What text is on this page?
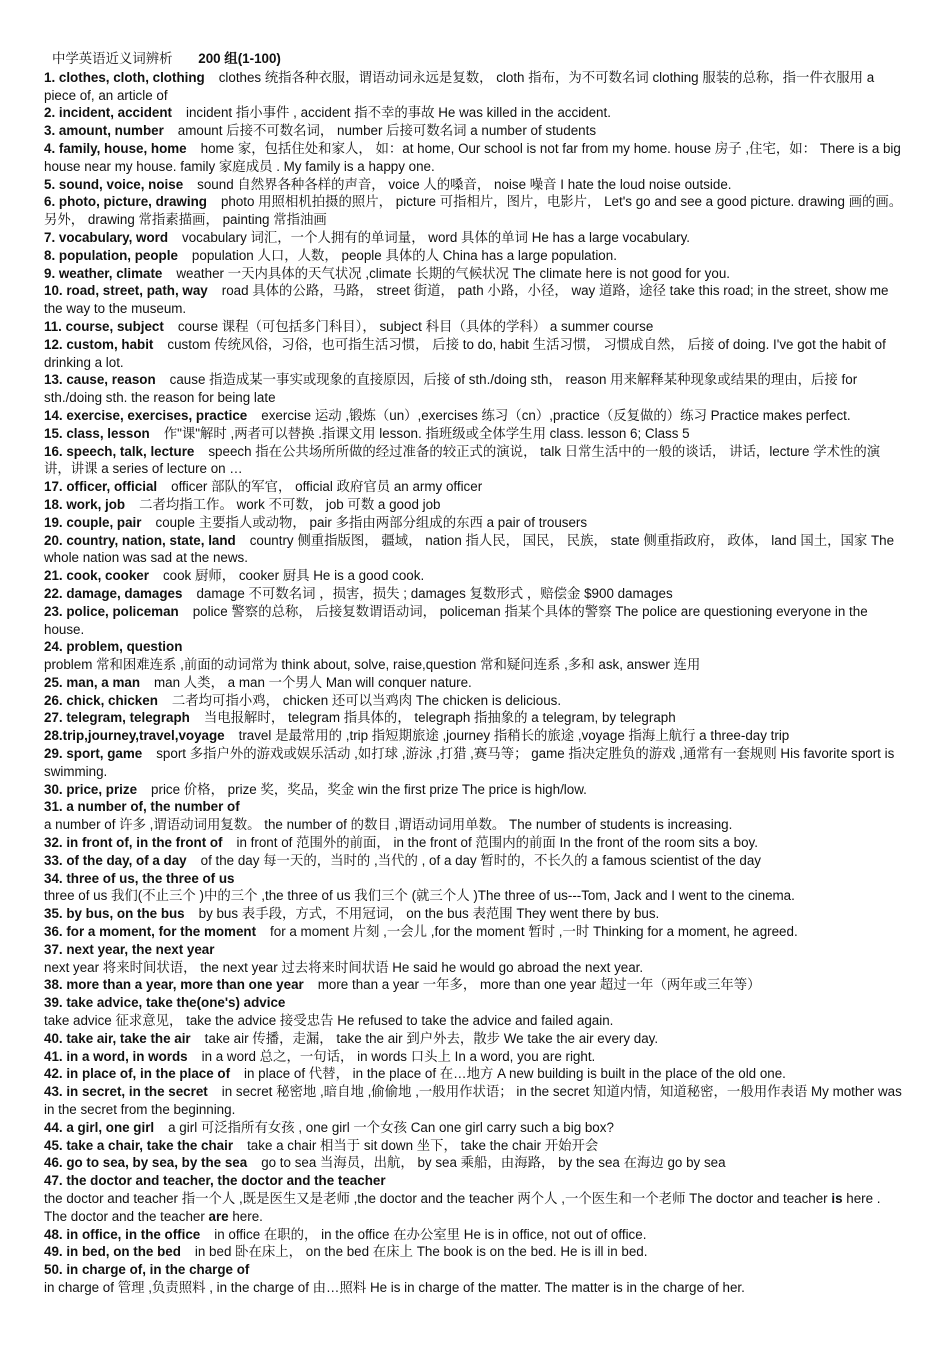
中学英语近义词辨析 200 组(1-100)
1. clothes, cloth, clothing clothes 统指各种衣服，谓语动词永远是复数， cloth 指布，为不可数名词 clothing 服装的总称，指一件衣服用 a piece of, an article of
2. incident, accident incident 指小事件 , accident 指不幸的事故 He was killed in the accident.
3. amount, number amount 后接不可数名词， number 后接可数名词 a number of students
4. family, house, home home 家，包括住处和家人， 如：at home, Our school is not far from my home. house 房子 ,住宅，如： There is a big house near my house. family 家庭成员 . My family is a happy one.
5. sound, voice, noise sound 自然界各种各样的声音， voice 人的嗓音， noise 噪音 I hate the loud noise outside.
6. photo, picture, drawing photo 用照相机拍摄的照片， picture 可指相片，图片，电影片， Let's go and see a good picture. drawing 画的画。另外， drawing 常指素描画， painting 常指油画
7. vocabulary, word vocabulary 词汇，一个人拥有的单词量， word 具体的单词 He has a large vocabulary.
8. population, people population 人口，人数， people 具体的人 China has a large population.
9. weather, climate weather 一天内具体的天气状况 ,climate 长期的气候状况 The climate here is not good for you.
10. road, street, path, way road 具体的公路，马路， street 街道， path 小路，小径， way 道路，途径 take this road; in the street, show me the way to the museum.
11. course, subject course 课程（可包括多门科目）， subject 科目（具体的学科） a summer course
12. custom, habit custom 传统风俗，习俗，也可指生活习惯， 后接 to do, habit 生活习惯， 习惯成自然， 后接 of doing. I've got the habit of drinking a lot.
13. cause, reason cause 指造成某一事实或现象的直接原因，后接 of sth./doing sth， reason 用来解释某种现象或结果的理由，后接 for sth./doing sth. the reason for being late
14. exercise, exercises, practice exercise 运动 ,锻炼（un）,exercises 练习（cn）,practice（反复做的）练习 Practice makes perfect.
15. class, lesson 作"课"解时 ,两者可以替换 .指课文用 lesson. 指班级或全体学生用 class. lesson 6; Class 5
16. speech, talk, lecture speech 指在公共场所所做的经过准备的较正式的演说， talk 日常生活中的一般的谈话， 讲话，lecture 学术性的演讲，讲课 a series of lecture on …
17. officer, official officer 部队的军官， official 政府官员 an army officer
18. work, job 二者均指工作。 work 不可数， job 可数 a good job
19. couple, pair couple 主要指人或动物， pair 多指由两部分组成的东西 a pair of trousers
20. country, nation, state, land country 侧重指版图， 疆域， nation 指人民， 国民， 民族， state 侧重指政府， 政体， land 国土，国家 The whole nation was sad at the news.
21. cook, cooker cook 厨师， cooker 厨具 He is a good cook.
22. damage, damages damage 不可数名词 ，损害，损失 ; damages 复数形式 ，赔偿金 $900 damages
23. police, policeman police 警察的总称， 后接复数谓语动词， policeman 指某个具体的警察 The police are questioning everyone in the house.
24. problem, question
problem 常和困难连系 ,前面的动词常为 think about, solve, raise,question 常和疑问连系 ,多和 ask, answer 连用
25. man, a man man 人类， a man 一个男人 Man will conquer nature.
26. chick, chicken 二者均可指小鸡， chicken 还可以当鸡肉 The chicken is delicious.
27. telegram, telegraph 当电报解时， telegram 指具体的， telegraph 指抽象的 a telegram, by telegraph
28.trip,journey,travel,voyage travel 是最常用的 ,trip 指短期旅途 ,journey 指稍长的旅途 ,voyage 指海上航行 a three-day trip
29. sport, game sport 多指户外的游戏或娱乐活动 ,如打球 ,游泳 ,打猎 ,赛马等； game 指决定胜负的游戏 ,通常有一套规则 His favorite sport is swimming.
30. price, prize price 价格， prize 奖，奖品，奖金 win the first prize The price is high/low.
31. a number of, the number of
a number of 许多 ,谓语动词用复数。 the number of 的数目 ,谓语动词用单数。 The number of students is increasing.
32. in front of, in the front of in front of 范围外的前面， in the front of 范围内的前面 In the front of the room sits a boy.
33. of the day, of a day of the day 每一天的，当时的 ,当代的 , of a day 暂时的，不长久的 a famous scientist of the day
34. three of us, the three of us
three of us 我们(不止三个 )中的三个 ,the three of us 我们三个 (就三个人 )The three of us---Tom, Jack and I went to the cinema.
35. by bus, on the bus by bus 表手段，方式，不用冠词， on the bus 表范围 They went there by bus.
36. for a moment, for the moment for a moment 片刻 ,一会儿 ,for the moment 暂时 ,一时 Thinking for a moment, he agreed.
37. next year, the next year
next year 将来时间状语， the next year 过去将来时间状语 He said he would go abroad the next year.
38. more than a year, more than one year more than a year 一年多， more than one year 超过一年（两年或三年等）
39. take advice, take the(one's) advice
take advice 征求意见， take the advice 接受忠告 He refused to take the advice and failed again.
40. take air, take the air take air 传播，走漏， take the air 到户外去，散步 We take the air every day.
41. in a word, in words in a word 总之，一句话， in words 口头上 In a word, you are right.
42. in place of, in the place of in place of 代替， in the place of 在…地方 A new building is built in the place of the old one.
43. in secret, in the secret in secret 秘密地 ,暗自地 ,偷偷地 ,一般用作状语； in the secret 知道内情，知道秘密，一般用作表语 My mother was in the secret from the beginning.
44. a girl, one girl a girl 可泛指所有女孩 , one girl 一个女孩 Can one girl carry such a big box?
45. take a chair, take the chair take a chair 相当于 sit down 坐下， take the chair 开始开会
46. go to sea, by sea, by the sea go to sea 当海员，出航， by sea 乘船，由海路， by the sea 在海边 go by sea
47. the doctor and teacher, the doctor and the teacher
the doctor and teacher 指一个人 ,既是医生又是老师 ,the doctor and the teacher 两个人 ,一个医生和一个老师 The doctor and teacher is here . The doctor and the teacher are here.
48. in office, in the office in office 在职的， in the office 在办公室里 He is in office, not out of office.
49. in bed, on the bed in bed 卧在床上， on the bed 在床上 The book is on the bed. He is ill in bed.
50. in charge of, in the charge of
in charge of 管理 ,负责照料 , in the charge of 由…照料 He is in charge of the matter. The matter is in the charge of her.
